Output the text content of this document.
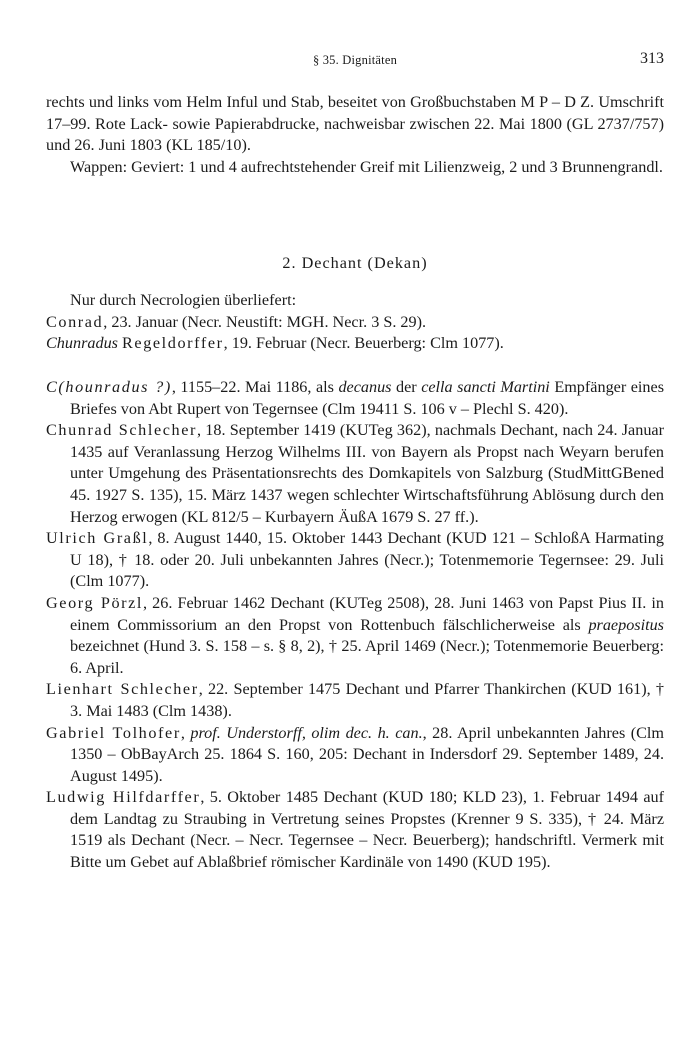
§ 35. Dignitäten	313

rechts und links vom Helm Inful und Stab, beseitet von Großbuchstaben M P – D Z. Umschrift 17–99. Rote Lack- sowie Papierabdrucke, nachweisbar zwischen 22. Mai 1800 (GL 2737/757) und 26. Juni 1803 (KL 185/10).

Wappen: Geviert: 1 und 4 aufrechtstehender Greif mit Lilienzweig, 2 und 3 Brunnengrandl.

2. Dechant (Dekan)

Nur durch Necrologien überliefert:

Conrad, 23. Januar (Necr. Neustift: MGH. Necr. 3 S. 29).

Chunradus Regeldorffer, 19. Februar (Necr. Beuerberg: Clm 1077).

C(hounradus ?), 1155–22. Mai 1186, als decanus der cella sancti Martini Empfänger eines Briefes von Abt Rupert von Tegernsee (Clm 19411 S. 106 v – Plechl S. 420).

Chunrad Schlecher, 18. September 1419 (KUTeg 362), nachmals Dechant, nach 24. Januar 1435 auf Veranlassung Herzog Wilhelms III. von Bayern als Propst nach Weyarn berufen unter Umgehung des Präsentationsrechts des Domkapitels von Salzburg (StudMittGBened 45. 1927 S. 135), 15. März 1437 wegen schlechter Wirtschaftsführung Ablösung durch den Herzog erwogen (KL 812/5 – Kurbayern ÄußA 1679 S. 27 ff.).

Ulrich Graßl, 8. August 1440, 15. Oktober 1443 Dechant (KUD 121 – SchloßA Harmating U 18), † 18. oder 20. Juli unbekannten Jahres (Necr.); Totenmemorie Tegernsee: 29. Juli (Clm 1077).

Georg Pörzl, 26. Februar 1462 Dechant (KUTeg 2508), 28. Juni 1463 von Papst Pius II. in einem Commissorium an den Propst von Rottenbuch fälschlicherweise als praepositus bezeichnet (Hund 3. S. 158 – s. § 8, 2), † 25. April 1469 (Necr.); Totenmemorie Beuerberg: 6. April.

Lienhart Schlecher, 22. September 1475 Dechant und Pfarrer Thankirchen (KUD 161), † 3. Mai 1483 (Clm 1438).

Gabriel Tolhofer, prof. Understorff, olim dec. h. can., 28. April unbekannten Jahres (Clm 1350 – ObBayArch 25. 1864 S. 160, 205: Dechant in Indersdorf 29. September 1489, 24. August 1495).

Ludwig Hilfdarffer, 5. Oktober 1485 Dechant (KUD 180; KLD 23), 1. Februar 1494 auf dem Landtag zu Straubing in Vertretung seines Propstes (Krenner 9 S. 335), † 24. März 1519 als Dechant (Necr. – Necr. Tegernsee – Necr. Beuerberg); handschriftl. Vermerk mit Bitte um Gebet auf Ablaßbrief römischer Kardinäle von 1490 (KUD 195).
